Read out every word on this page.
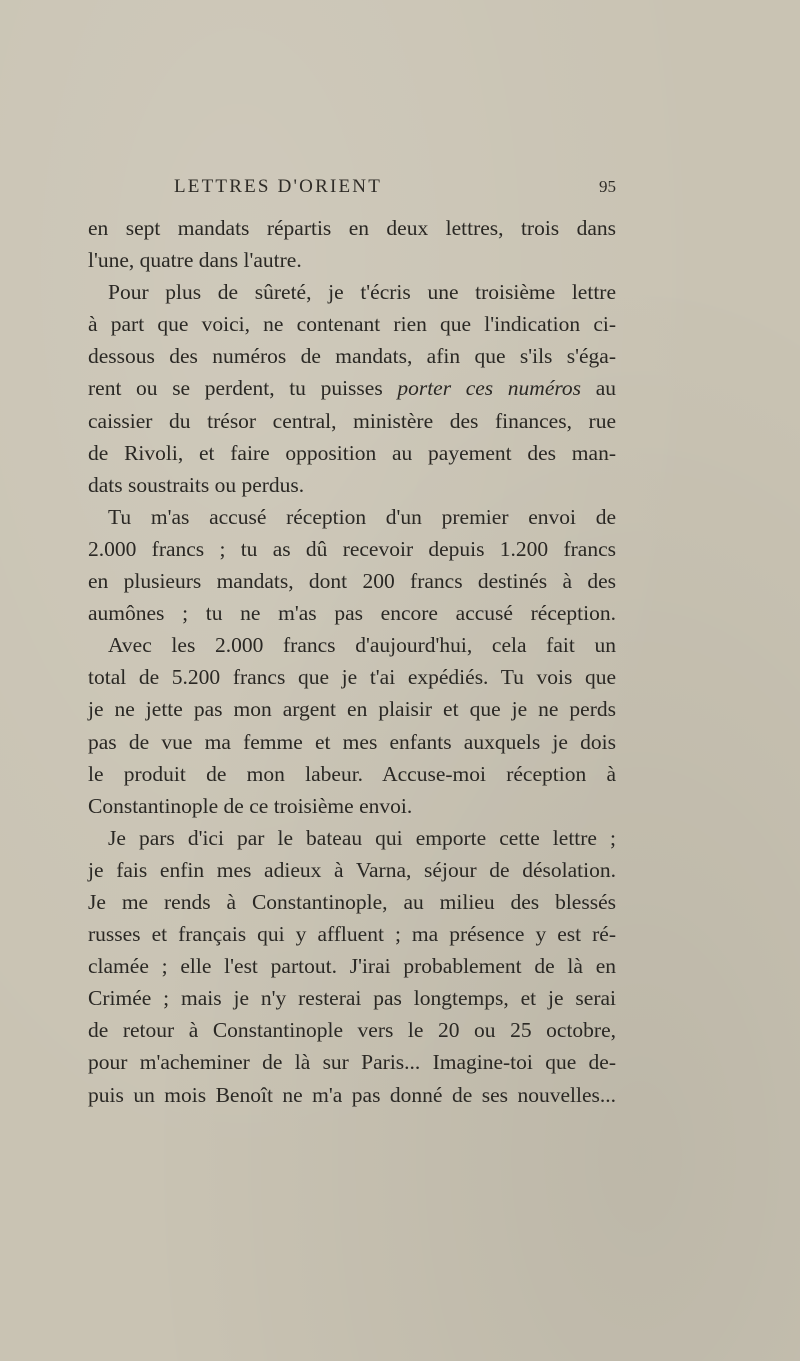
LETTRES D'ORIENT	95
en sept mandats répartis en deux lettres, trois dans
l'une, quatre dans l'autre.
Pour plus de sûreté, je t'écris une troisième lettre
à part que voici, ne contenant rien que l'indication ci-
dessous des numéros de mandats, afin que s'ils s'éga-
rent ou se perdent, tu puisses porter ces numéros au
caissier du trésor central, ministère des finances, rue
de Rivoli, et faire opposition au payement des man-
dats soustraits ou perdus.
Tu m'as accusé réception d'un premier envoi de
2.000 francs ; tu as dû recevoir depuis 1.200 francs
en plusieurs mandats, dont 200 francs destinés à des
aumônes ; tu ne m'as pas encore accusé réception.
Avec les 2.000 francs d'aujourd'hui, cela fait un
total de 5.200 francs que je t'ai expédiés. Tu vois que
je ne jette pas mon argent en plaisir et que je ne perds
pas de vue ma femme et mes enfants auxquels je dois
le produit de mon labeur. Accuse-moi réception à
Constantinople de ce troisième envoi.
Je pars d'ici par le bateau qui emporte cette lettre ;
je fais enfin mes adieux à Varna, séjour de désolation.
Je me rends à Constantinople, au milieu des blessés
russes et français qui y affluent ; ma présence y est ré-
clamée ; elle l'est partout. J'irai probablement de là en
Crimée ; mais je n'y resterai pas longtemps, et je serai
de retour à Constantinople vers le 20 ou 25 octobre,
pour m'acheminer de là sur Paris... Imagine-toi que de-
puis un mois Benoît ne m'a pas donné de ses nouvelles...
